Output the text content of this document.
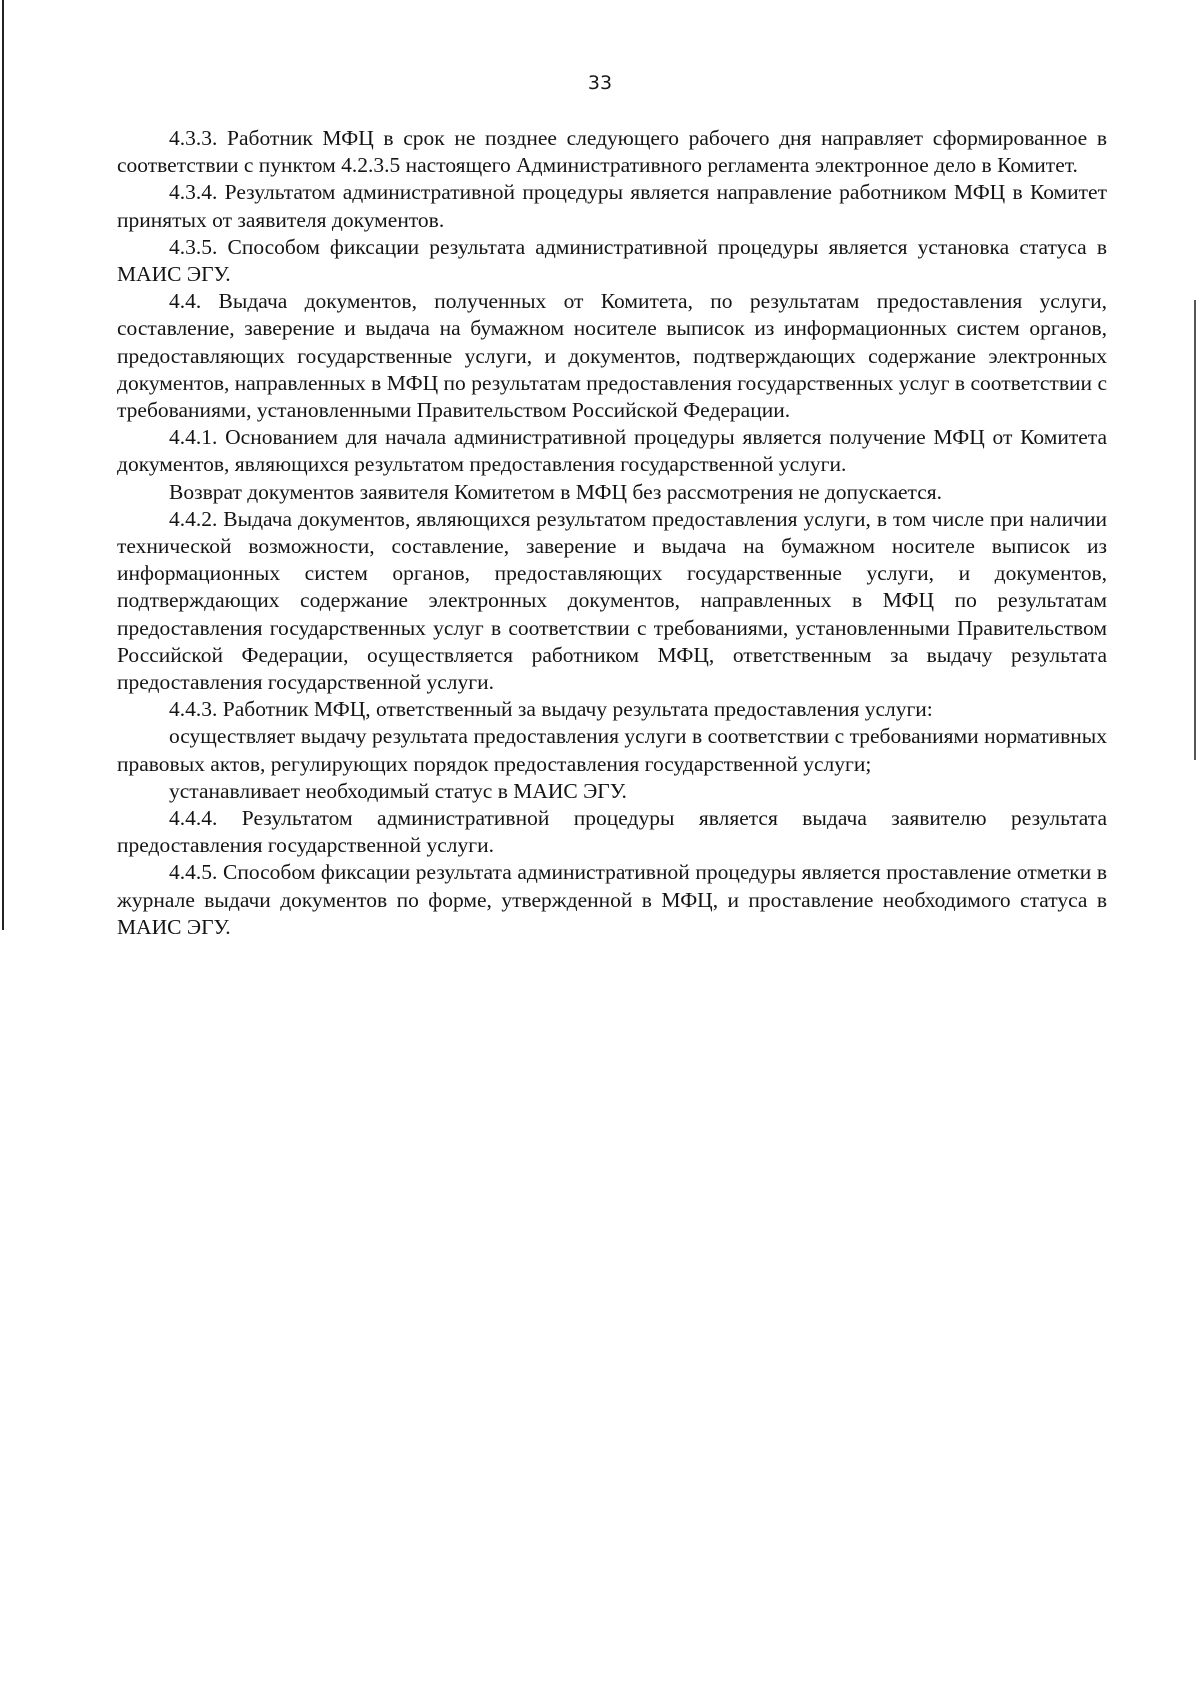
33

4.3.3. Работник МФЦ в срок не позднее следующего рабочего дня направляет сформированное в соответствии с пунктом 4.2.3.5 настоящего Административного регламента электронное дело в Комитет.

4.3.4. Результатом административной процедуры является направление работником МФЦ в Комитет принятых от заявителя документов.

4.3.5. Способом фиксации результата административной процедуры является установка статуса в МАИС ЭГУ.

4.4. Выдача документов, полученных от Комитета, по результатам предоставления услуги, составление, заверение и выдача на бумажном носителе выписок из информационных систем органов, предоставляющих государственные услуги, и документов, подтверждающих содержание электронных документов, направленных в МФЦ по результатам предоставления государственных услуг в соответствии с требованиями, установленными Правительством Российской Федерации.

4.4.1. Основанием для начала административной процедуры является получение МФЦ от Комитета документов, являющихся результатом предоставления государственной услуги.

Возврат документов заявителя Комитетом в МФЦ без рассмотрения не допускается.

4.4.2. Выдача документов, являющихся результатом предоставления услуги, в том числе при наличии технической возможности, составление, заверение и выдача на бумажном носителе выписок из информационных систем органов, предоставляющих государственные услуги, и документов, подтверждающих содержание электронных документов, направленных в МФЦ по результатам предоставления государственных услуг в соответствии с требованиями, установленными Правительством Российской Федерации, осуществляется работником МФЦ, ответственным за выдачу результата предоставления государственной услуги.

4.4.3. Работник МФЦ, ответственный за выдачу результата предоставления услуги:

осуществляет выдачу результата предоставления услуги в соответствии с требованиями нормативных правовых актов, регулирующих порядок предоставления государственной услуги;

устанавливает необходимый статус в МАИС ЭГУ.

4.4.4. Результатом административной процедуры является выдача заявителю результата предоставления государственной услуги.

4.4.5. Способом фиксации результата административной процедуры является проставление отметки в журнале выдачи документов по форме, утвержденной в МФЦ, и проставление необходимого статуса в МАИС ЭГУ.
